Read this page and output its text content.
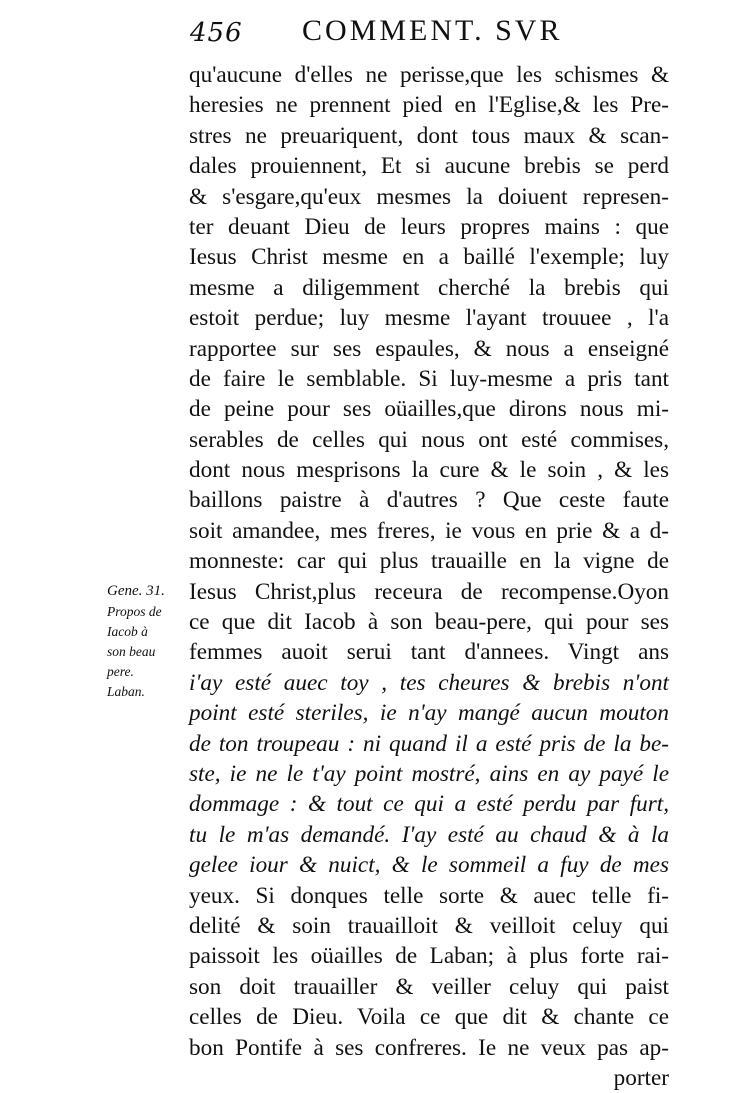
456 COMMENT. SVR
Gene. 31.
Propos de
Iacob à
son beau
pere.
Laban.
qu'aucune d'elles ne perisse,que les schismes &
heresies ne prennent pied en l'Eglise,& les Pre-
stres ne preuariquent, dont tous maux & scan-
dales prouiennent, Et si aucune brebis se perd
& s'esgare,qu'eux mesmes la doiuent represen-
ter deuant Dieu de leurs propres mains : que
Iesus Christ mesme en a baillé l'exemple; luy
mesme a diligemment cherché la brebis qui
estoit perdue; luy mesme l'ayant trouuee , l'a
rapportee sur ses espaules, & nous a enseigné
de faire le semblable. Si luy-mesme a pris tant
de peine pour ses oüailles,que dirons nous mi-
serables de celles qui nous ont esté commises,
dont nous mesprisons la cure & le soin , & les
baillons paistre à d'autres ? Que ceste faute
soit amandee, mes freres, ie vous en prie & a d-
monneste: car qui plus trauaille en la vigne de
Iesus Christ,plus receura de recompense.Oyon
ce que dit Iacob à son beau-pere, qui pour ses
femmes auoit serui tant d'annees. Vingt ans
i'ay esté auec toy , tes cheures & brebis n'ont
point esté steriles, ie n'ay mangé aucun mouton
de ton troupeau : ni quand il a esté pris de la be-
ste, ie ne le t'ay point mostré, ains en ay payé le
dommage : & tout ce qui a esté perdu par furt,
tu le m'as demandé. I'ay esté au chaud & à la
gelee iour & nuict, & le sommeil a fuy de mes
yeux. Si donques telle sorte & auec telle fi-
delité & soin trauailloit & veilloit celuy qui
paissoit les oüailles de Laban; à plus forte rai-
son doit trauailler & veiller celuy qui paist
celles de Dieu. Voila ce que dit & chante ce
bon Pontife à ses confreres. Ie ne veux pas ap-
porter
